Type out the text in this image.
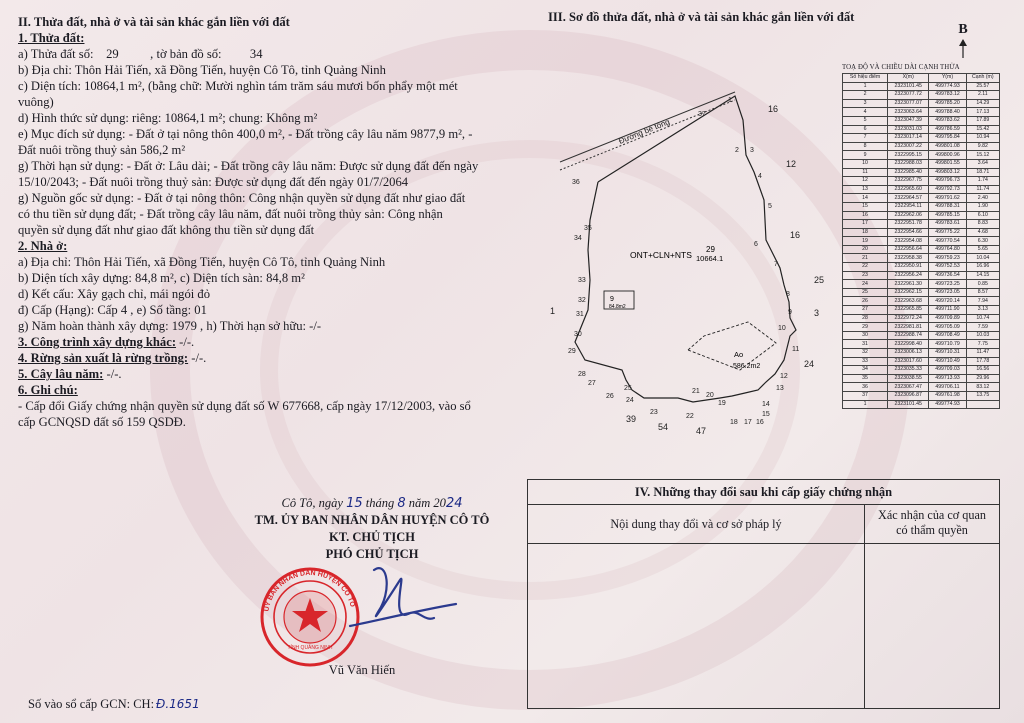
II. Thửa đất, nhà ở và tài sản khác gắn liền với đất
1. Thửa đất:
a) Thửa đất số: 29 , tờ bản đồ số: 34
b) Địa chỉ: Thôn Hải Tiến, xã Đồng Tiến, huyện Cô Tô, tỉnh Quảng Ninh
c) Diện tích: 10864,1 m², (bằng chữ: Mười nghìn tám trăm sáu mươi bốn phẩy một mét
vuông)
d) Hình thức sử dụng: riêng: 10864,1 m²; chung: Không m²
e) Mục đích sử dụng: - Đất ở tại nông thôn 400,0 m², - Đất trồng cây lâu năm 9877,9 m², -
Đất nuôi trồng thuỷ sản 586,2 m²
g) Thời hạn sử dụng: - Đất ở: Lâu dài; - Đất trồng cây lâu năm: Được sử dụng đất đến ngày
15/10/2043; - Đất nuôi trồng thuỷ sản: Được sử dụng đất đến ngày 01/7/2064
g) Nguồn gốc sử dụng: - Đất ở tại nông thôn: Công nhận quyền sử dụng đất như giao đất
có thu tiền sử dụng đất; - Đất trồng cây lâu năm, đất nuôi trồng thủy sản: Công nhận
quyền sử dụng đất như giao đất không thu tiền sử dụng đất
2. Nhà ở:
a) Địa chỉ: Thôn Hải Tiến, xã Đồng Tiến, huyện Cô Tô, tỉnh Quảng Ninh
b) Diện tích xây dựng: 84,8 m², c) Diện tích sàn: 84,8 m²
d) Kết cấu: Xây gạch chỉ, mái ngói đỏ
đ) Cấp (Hạng): Cấp 4 , e) Số tầng: 01
g) Năm hoàn thành xây dựng: 1979 , h) Thời hạn sở hữu: -/-
3. Công trình xây dựng khác: -/-.
4. Rừng sản xuất là rừng trồng: -/-.
5. Cây lâu năm: -/-.
6. Ghi chú:
- Cấp đổi Giấy chứng nhận quyền sử dụng đất số W 677668, cấp ngày 17/12/2003, vào sổ
cấp GCNQSD đất số 159 QSDĐ.
Cô Tô, ngày 15 tháng 8 năm 2024
TM. ỦY BAN NHÂN DÂN HUYỆN CÔ TÔ
KT. CHỦ TỊCH
PHÓ CHỦ TỊCH
Vũ Văn Hiến
Số vào sổ cấp GCN: CH: Đ.1651
ỦY BAN NHÂN DÂN HUYỆN CÔ TÔ
TỈNH QUẢNG NINH
III. Sơ đồ thửa đất, nhà ở và tài sản khác gắn liền với đất
B
Đường bê tông
Ao
586.2m2
9
84.8m2
ONT+CLN+NTS
29
10664.1
1
2 3
4
5
6
7
8
9
10
11
12
13
14
15
16
17
18
19
20
21
22
23
24
25
26
27
28
29
30
31
32
33
34
35
36
37
16
12
16
25
3
24
1
39
54	47
TOẠ ĐỘ VÀ CHIỀU DÀI CẠNH THỬA
Số hiệu điểm	X(m)	Y(m)	Cạnh (m)
1	2323101.45	499774.93	25.57
2	2323077.72	499783.12	2.11
3	2323077.07	499785.20	14.29
4	2323063.64	499788.40	17.13
5	2323047.39	499783.62	17.89
6	2323031.03	499786.59	15.42
7	2323017.14	499795.84	10.94
8	2323007.22	499801.08	9.82
9	2322995.15	499800.96	15.12
10	2322988.03	499801.55	3.64
11	2322985.40	499803.12	18.71
12	2322967.75	499796.73	1.74
13	2322965.60	499792.73	11.74
14	2322964.57	499791.62	2.40
15	2322954.11	499788.31	1.90
16	2322962.06	499785.15	6.10
17	2322951.78	499783.61	8.83
18	2322954.66	499775.22	4.68
19	2322954.08	499770.54	6.30
20	2322956.64	499764.80	5.65
21	2322958.38	499759.23	10.04
22	2322950.91	499752.53	16.96
23	2322956.24	499736.54	14.15
24	2322961.30	499723.25	0.85
25	2322962.15	499723.05	8.57
26	2322963.68	499720.14	7.94
27	2322965.85	499711.90	3.13
28	2322972.24	499709.89	10.74
29	2322981.81	499705.09	7.59
30	2322988.74	499708.49	10.03
31	2322998.40	499710.79	7.75
32	2323006.13	499710.31	11.47
33	2323017.60	499710.49	17.78
34	2323035.33	499709.03	16.56
35	2323038.55	499713.93	29.96
36	2323067.47	499706.11	83.12
37	2323096.87	499761.98	13.75
1	2323101.45	499774.93	
IV. Những thay đổi sau khi cấp giấy chứng nhận
Nội dung thay đổi và cơ sở pháp lý
Xác nhận của cơ quan
có thẩm quyền
